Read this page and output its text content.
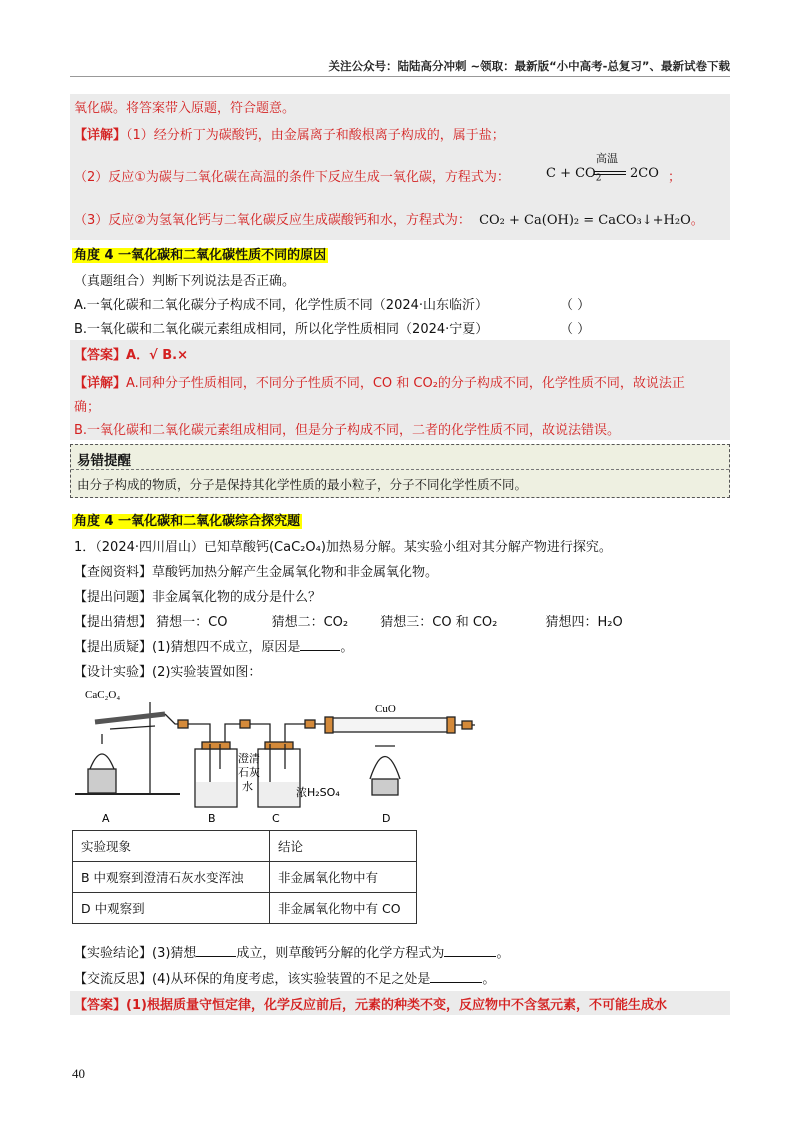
关注公众号：陆陆高分冲刺 ~领取：最新版“小中高考-总复习”、最新试卷下载
氧化碳。将答案带入原题，符合题意。
【详解】（1）经分析丁为碳酸钙，由金属离子和酸根离子构成的，属于盐；
（2）反应①为碳与二氧化碳在高温的条件下反应生成一氧化碳，方程式为：	$C + CO_2$
高温
2CO ；
（3）反应②为氢氧化钙与二氧化碳反应生成碳酸钙和水，方程式为： CO₂ + Ca(OH)₂ = CaCO₃↓+H₂O。
角度 4 一氧化碳和二氧化碳性质不同的原因
（真题组合）判断下列说法是否正确。
A.一氧化碳和二氧化碳分子构成不同，化学性质不同（2024·山东临沂）	（ ）
B.一氧化碳和二氧化碳元素组成相同，所以化学性质相同（2024·宁夏）	（ ）
【答案】A．√ B.×
【详解】A.同种分子性质相同，不同分子性质不同，CO 和 CO₂的分子构成不同，化学性质不同，故说法正
确；
B.一氧化碳和二氧化碳元素组成相同，但是分子构成不同，二者的化学性质不同，故说法错误。
易错提醒
由分子构成的物质，分子是保持其化学性质的最小粒子，分子不同化学性质不同。
角度 4 一氧化碳和二氧化碳综合探究题
1．（2024·四川眉山）已知草酸钙(CaC₂O₄)加热易分解。某实验小组对其分解产物进行探究。
【查阅资料】草酸钙加热分解产生金属氧化物和非金属氧化物。
【提出问题】非金属氧化物的成分是什么？
【提出猜想】 猜想一：CO	猜想二：CO₂ 猜想三：CO 和 CO₂	猜想四：H₂O
【提出质疑】(1)猜想四不成立，原因是	。
【设计实验】(2)实验装置如图：
CaC₂O₄
CuO
澄清
石灰
水	浓H₂SO₄
A	B	C	D
实验现象	结论
B 中观察到澄清石灰水变浑浊	非金属氧化物中有
D 中观察到	非金属氧化物中有 CO
【实验结论】(3)猜想	成立，则草酸钙分解的化学方程式为	。
【交流反思】(4)从环保的角度考虑，该实验装置的不足之处是	。
【答案】(1)根据质量守恒定律，化学反应前后，元素的种类不变，反应物中不含氢元素，不可能生成水
40
